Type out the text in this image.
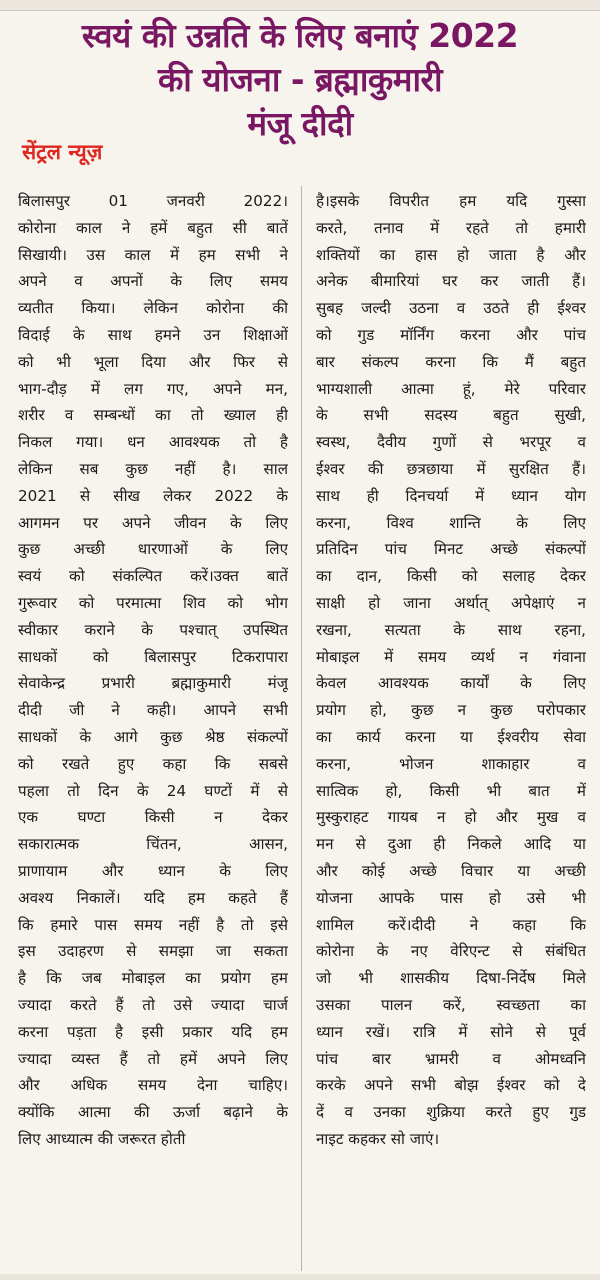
स्वयं की उन्नति के लिए बनाएं 2022
की योजना - ब्रह्माकुमारी
मंजू दीदी
सेंट्रल न्यूज़
बिलासपुर 01 जनवरी 2022।
कोरोना काल ने हमें बहुत सी बातें
सिखायी। उस काल में हम सभी ने
अपने व अपनों के लिए समय
व्यतीत किया। लेकिन कोरोना की
विदाई के साथ हमने उन शिक्षाओं
को भी भूला दिया और फिर से
भाग-दौड़ में लग गए, अपने मन,
शरीर व सम्बन्धों का तो ख्याल ही
निकल गया। धन आवश्यक तो है
लेकिन सब कुछ नहीं है। साल
2021 से सीख लेकर 2022 के
आगमन पर अपने जीवन के लिए
कुछ अच्छी धारणाओं के लिए
स्वयं को संकल्पित करें।उक्त बातें
गुरूवार को परमात्मा शिव को भोग
स्वीकार कराने के पश्चात् उपस्थित
साधकों को बिलासपुर टिकरापारा
सेवाकेन्द्र प्रभारी ब्रह्माकुमारी मंजू
दीदी जी ने कही। आपने सभी
साधकों के आगे कुछ श्रेष्ठ संकल्पों
को रखते हुए कहा कि सबसे
पहला तो दिन के 24 घण्टों में से
एक घण्टा किसी न देकर
सकारात्मक चिंतन, आसन,
प्राणायाम और ध्यान के लिए
अवश्य निकालें। यदि हम कहते हैं
कि हमारे पास समय नहीं है तो इसे
इस उदाहरण से समझा जा सकता
है कि जब मोबाइल का प्रयोग हम
ज्यादा करते हैं तो उसे ज्यादा चार्ज
करना पड़ता है इसी प्रकार यदि हम
ज्यादा व्यस्त हैं तो हमें अपने लिए
और अधिक समय देना चाहिए।
क्योंकि आत्मा की ऊर्जा बढ़ाने के
लिए आध्यात्म की जरूरत होती
है।इसके विपरीत हम यदि गुस्सा
करते, तनाव में रहते तो हमारी
शक्तियों का हास हो जाता है और
अनेक बीमारियां घर कर जाती हैं।
सुबह जल्दी उठना व उठते ही ईश्वर
को गुड मॉर्निंग करना और पांच
बार संकल्प करना कि मैं बहुत
भाग्यशाली आत्मा हूं, मेरे परिवार
के सभी सदस्य बहुत सुखी,
स्वस्थ, दैवीय गुणों से भरपूर व
ईश्वर की छत्रछाया में सुरक्षित हैं।
साथ ही दिनचर्या में ध्यान योग
करना, विश्व शान्ति के लिए
प्रतिदिन पांच मिनट अच्छे संकल्पों
का दान, किसी को सलाह देकर
साक्षी हो जाना अर्थात् अपेक्षाएं न
रखना, सत्यता के साथ रहना,
मोबाइल में समय व्यर्थ न गंवाना
केवल आवश्यक कार्यों के लिए
प्रयोग हो, कुछ न कुछ परोपकार
का कार्य करना या ईश्वरीय सेवा
करना, भोजन शाकाहार व
सात्विक हो, किसी भी बात में
मुस्कुराहट गायब न हो और मुख व
मन से दुआ ही निकले आदि या
और कोई अच्छे विचार या अच्छी
योजना आपके पास हो उसे भी
शामिल करें।दीदी ने कहा कि
कोरोना के नए वेरिएन्ट से संबंधित
जो भी शासकीय दिषा-निर्देष मिले
उसका पालन करें, स्वच्छता का
ध्यान रखें। रात्रि में सोने से पूर्व
पांच बार भ्रामरी व ओमध्वनि
करके अपने सभी बोझ ईश्वर को दे
दें व उनका शुक्रिया करते हुए गुड
नाइट कहकर सो जाएं।
